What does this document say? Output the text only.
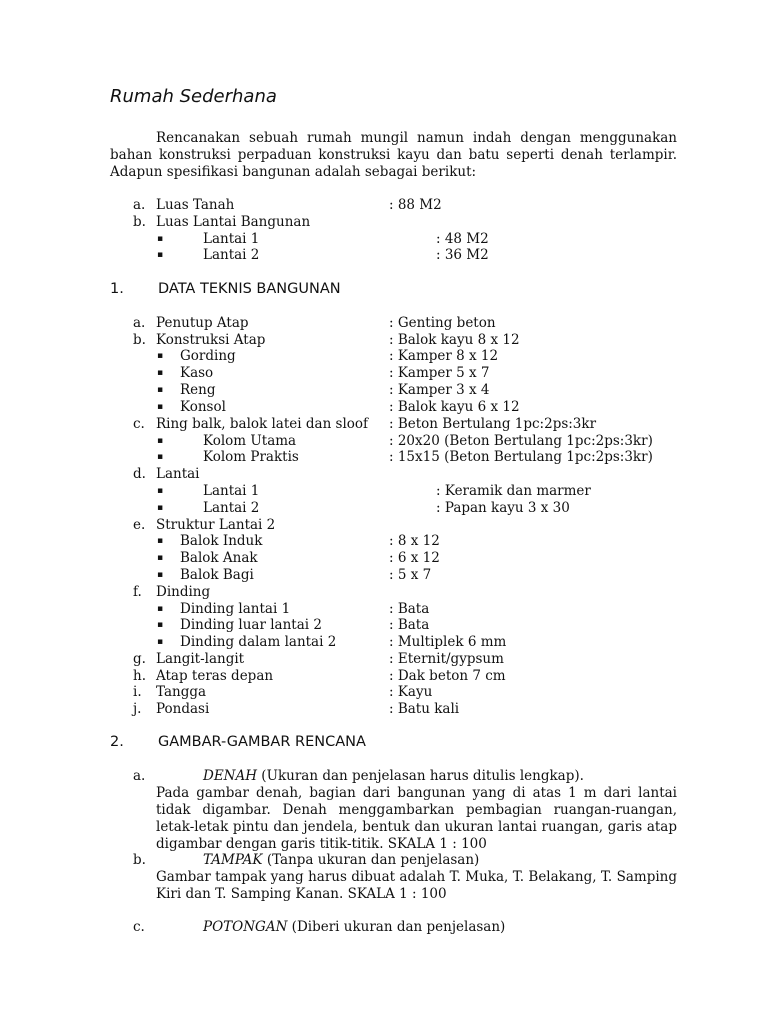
Rumah Sederhana
Rencanakan sebuah rumah mungil namun indah dengan menggunakan bahan konstruksi perpaduan konstruksi kayu dan batu seperti denah terlampir. Adapun spesifikasi bangunan adalah sebagai berikut:
a. Luas Tanah	: 88 M2
b. Luas Lantai Bangunan
▪	Lantai 1	: 48 M2
▪	Lantai 2	: 36 M2
1. DATA TEKNIS BANGUNAN
a. Penutup Atap	: Genting beton
b. Konstruksi Atap	: Balok kayu 8 x 12
▪ Gording	: Kamper 8 x 12
▪ Kaso	: Kamper 5 x 7
▪ Reng	: Kamper 3 x 4
▪ Konsol	: Balok kayu 6 x 12
c. Ring balk, balok latei dan sloof : Beton Bertulang 1pc:2ps:3kr
▪	Kolom Utama	: 20x20 (Beton Bertulang 1pc:2ps:3kr)
▪	Kolom Praktis	: 15x15 (Beton Bertulang 1pc:2ps:3kr)
d. Lantai
▪	Lantai 1	: Keramik dan marmer
▪	Lantai 2	: Papan kayu 3 x 30
e. Struktur Lantai 2
▪ Balok Induk	: 8 x 12
▪ Balok Anak	: 6 x 12
▪ Balok Bagi	: 5 x 7
f. Dinding
▪ Dinding lantai 1	: Bata
▪ Dinding luar lantai 2	: Bata
▪ Dinding dalam lantai 2	: Multiplek 6 mm
g. Langit-langit	: Eternit/gypsum
h. Atap teras depan	: Dak beton 7 cm
i. Tangga	: Kayu
j. Pondasi	: Batu kali
2. GAMBAR-GAMBAR RENCANA
a.	DENAH (Ukuran dan penjelasan harus ditulis lengkap).
Pada gambar denah, bagian dari bangunan yang di atas 1 m dari lantai tidak digambar. Denah menggambarkan pembagian ruangan-ruangan, letak-letak pintu dan jendela, bentuk dan ukuran lantai ruangan, garis atap digambar dengan garis titik-titik. SKALA 1 : 100
b.	TAMPAK (Tanpa ukuran dan penjelasan)
Gambar tampak yang harus dibuat adalah T. Muka, T. Belakang, T. Samping Kiri dan T. Samping Kanan. SKALA 1 : 100
c.	POTONGAN (Diberi ukuran dan penjelasan)
